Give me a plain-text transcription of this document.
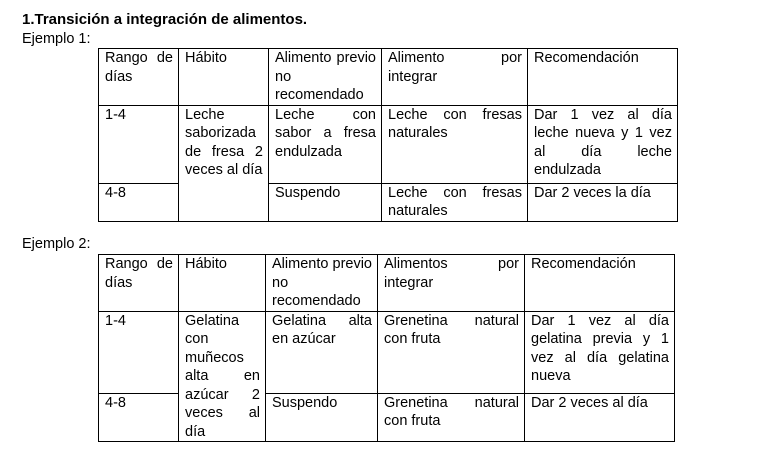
1.Transición a integración de alimentos.
Ejemplo 1:
Rango de días	Hábito	Alimento previo no recomendado	Alimento por integrar	Recomendación
1-4	Leche saborizada de fresa 2 veces al día	Leche con sabor a fresa endulzada	Leche con fresas naturales	Dar 1 vez al día leche nueva y 1 vez al día leche endulzada
4-8		Suspendo	Leche con fresas naturales	Dar 2 veces la día
Ejemplo 2:
Rango de días	Hábito	Alimento previo no recomendado	Alimentos por integrar	Recomendación
1-4	Gelatina con muñecos alta en azúcar 2 veces al día	Gelatina alta en azúcar	Grenetina natural con fruta	Dar 1 vez al día gelatina previa y 1 vez al día gelatina nueva
4-8		Suspendo	Grenetina natural con fruta	Dar 2 veces al día
